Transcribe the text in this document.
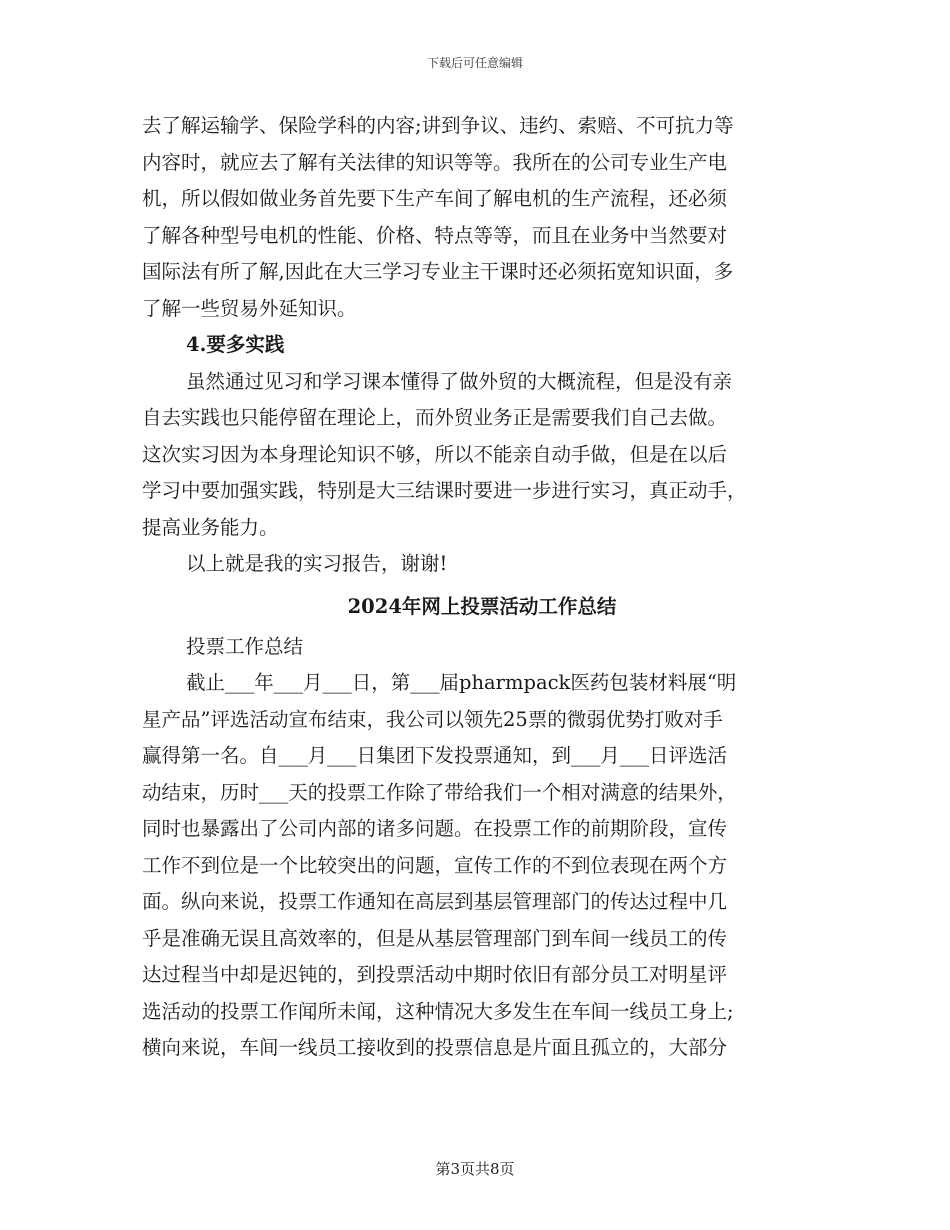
下载后可任意编辑
去了解运输学、保险学科的内容;讲到争议、违约、索赔、不可抗力等
内容时，就应去了解有关法律的知识等等。我所在的公司专业生产电
机，所以假如做业务首先要下生产车间了解电机的生产流程，还必须
了解各种型号电机的性能、价格、特点等等，而且在业务中当然要对
国际法有所了解,因此在大三学习专业主干课时还必须拓宽知识面，多
了解一些贸易外延知识。
4.要多实践
虽然通过见习和学习课本懂得了做外贸的大概流程，但是没有亲
自去实践也只能停留在理论上，而外贸业务正是需要我们自己去做。
这次实习因为本身理论知识不够，所以不能亲自动手做，但是在以后
学习中要加强实践，特别是大三结课时要进一步进行实习，真正动手，
提高业务能力。
以上就是我的实习报告，谢谢!
2024年网上投票活动工作总结
投票工作总结
截止___年___月___日，第___届pharmpack医药包装材料展“明
星产品”评选活动宣布结束，我公司以领先25票的微弱优势打败对手
赢得第一名。自___月___日集团下发投票通知，到___月___日评选活
动结束，历时___天的投票工作除了带给我们一个相对满意的结果外，
同时也暴露出了公司内部的诸多问题。在投票工作的前期阶段，宣传
工作不到位是一个比较突出的问题，宣传工作的不到位表现在两个方
面。纵向来说，投票工作通知在高层到基层管理部门的传达过程中几
乎是准确无误且高效率的，但是从基层管理部门到车间一线员工的传
达过程当中却是迟钝的，到投票活动中期时依旧有部分员工对明星评
选活动的投票工作闻所未闻，这种情况大多发生在车间一线员工身上;
横向来说，车间一线员工接收到的投票信息是片面且孤立的，大部分
第3页共8页
